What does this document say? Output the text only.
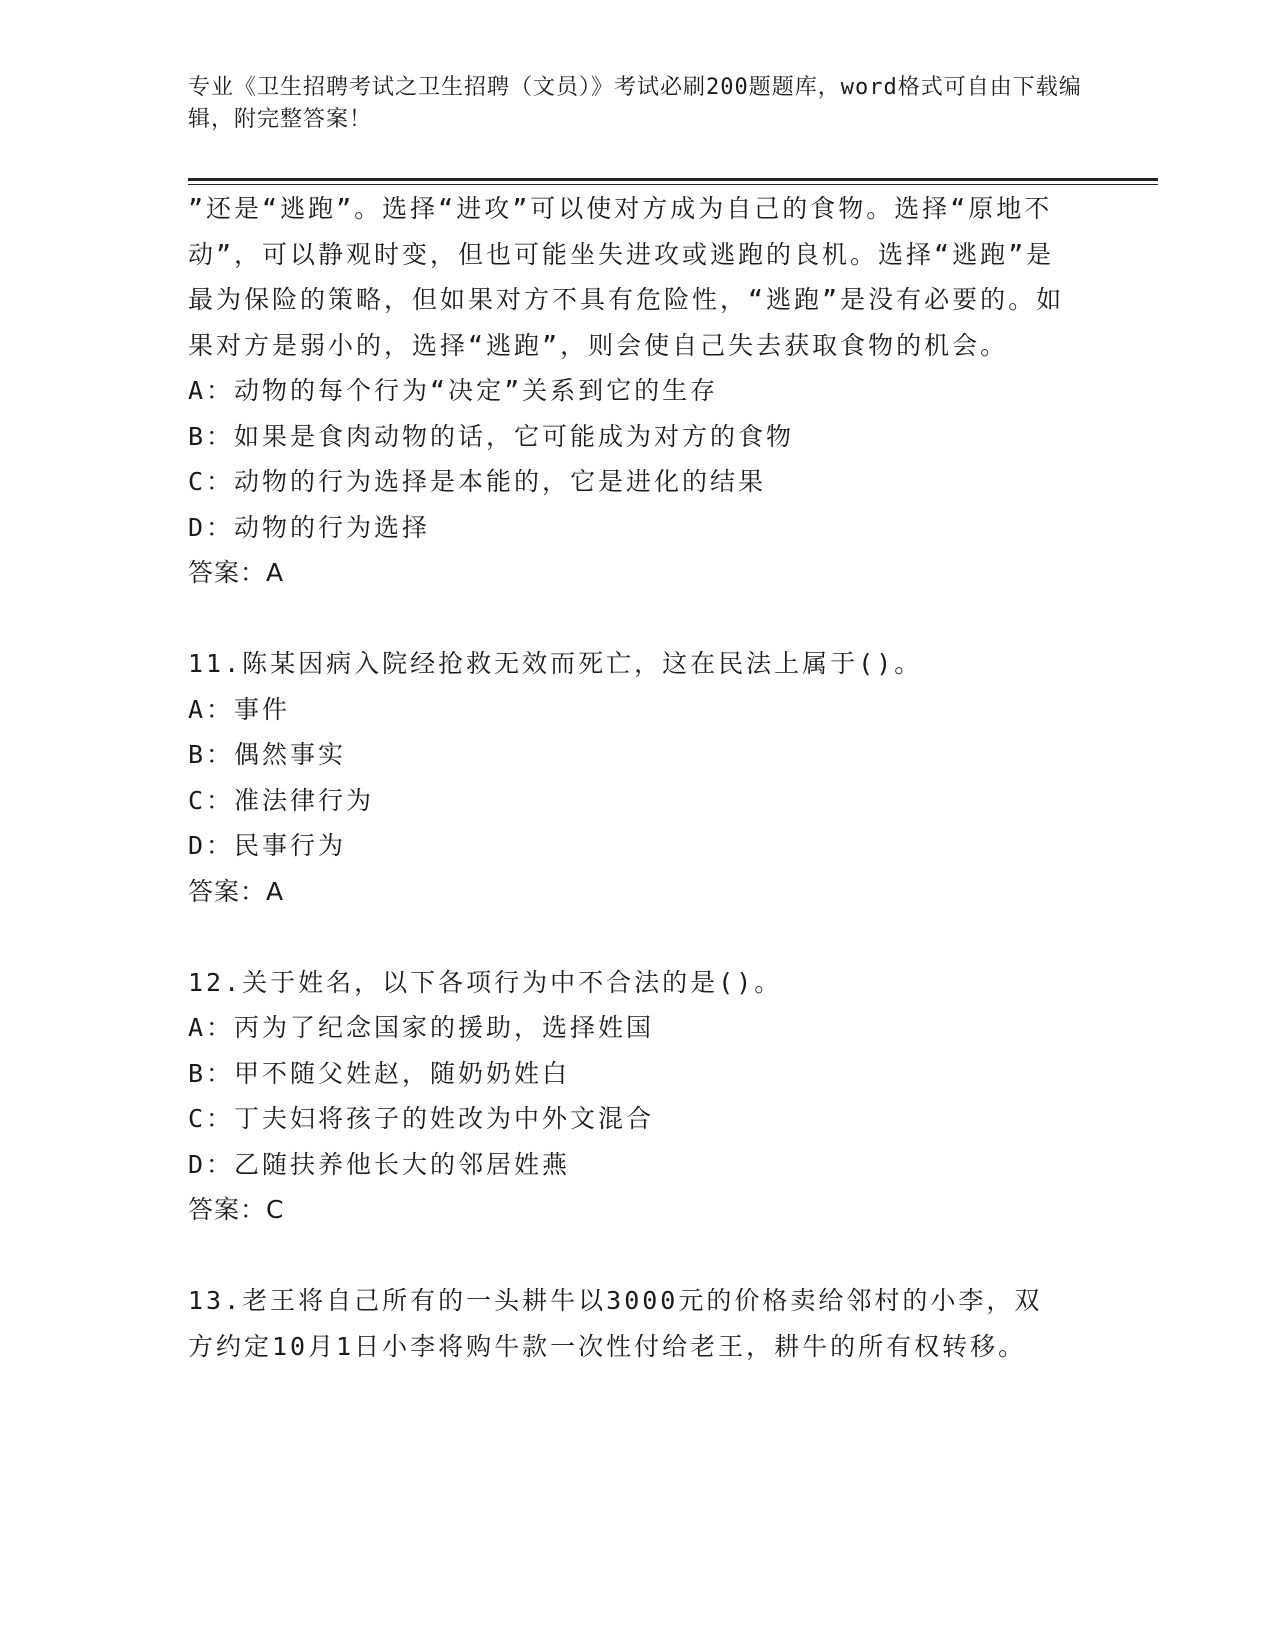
专业《卫生招聘考试之卫生招聘（文员）》考试必刷200题题库，word格式可自由下载编辑，附完整答案！

”还是“逃跑”。选择“进攻”可以使对方成为自己的食物。选择“原地不动”，可以静观时变，但也可能坐失进攻或逃跑的良机。选择“逃跑”是最为保险的策略，但如果对方不具有危险性，“逃跑”是没有必要的。如果对方是弱小的，选择“逃跑”，则会使自己失去获取食物的机会。

A：动物的每个行为“决定”关系到它的生存

B：如果是食肉动物的话，它可能成为对方的食物

C：动物的行为选择是本能的，它是进化的结果

D：动物的行为选择

答案：A

11.陈某因病入院经抢救无效而死亡，这在民法上属于()。

A：事件

B：偶然事实

C：准法律行为

D：民事行为

答案：A

12.关于姓名，以下各项行为中不合法的是()。

A：丙为了纪念国家的援助，选择姓国

B：甲不随父姓赵，随奶奶姓白

C：丁夫妇将孩子的姓改为中外文混合

D：乙随扶养他长大的邻居姓燕

答案：C

13.老王将自己所有的一头耕牛以3000元的价格卖给邻村的小李，双方约定10月1日小李将购牛款一次性付给老王，耕牛的所有权转移。
